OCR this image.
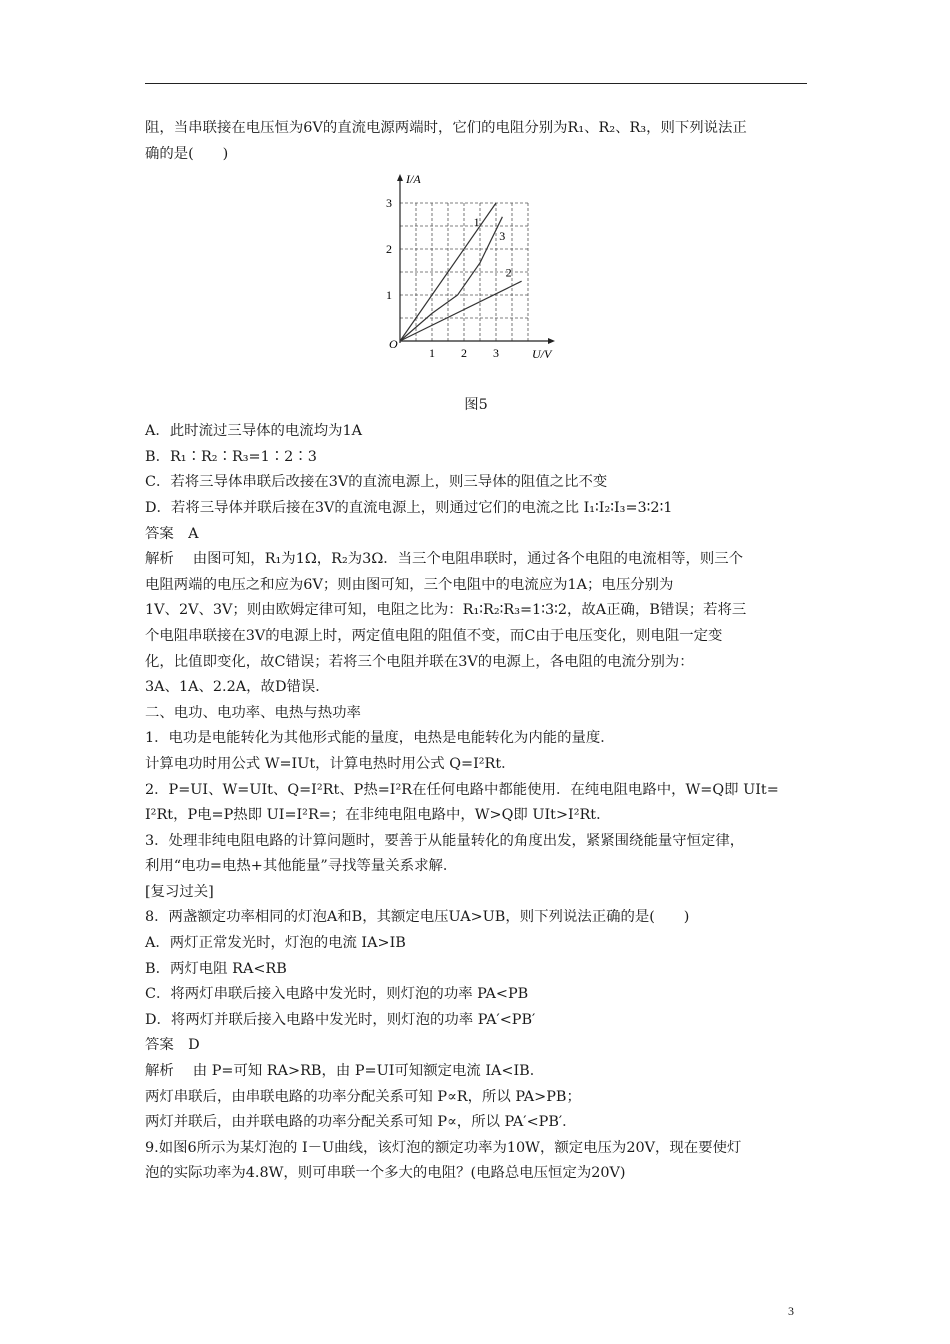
阻，当串联接在电压恒为6V的直流电源两端时，它们的电阻分别为R₁、R₂、R₃，则下列说法正
确的是(　　)
I/A
U/V
O
1 2 3
1
2
3
1
3
2
图5
A．此时流过三导体的电流均为1A
B．R₁∶R₂∶R₃=1∶2∶3
C．若将三导体串联后改接在3V的直流电源上，则三导体的阻值之比不变
D．若将三导体并联后接在3V的直流电源上，则通过它们的电流之比 I₁∶I₂∶I₃=3∶2∶1
答案　A
解析　 由图可知，R₁为1Ω，R₂为3Ω．当三个电阻串联时，通过各个电阻的电流相等，则三个
电阻两端的电压之和应为6V；则由图可知，三个电阻中的电流应为1A；电压分别为
1V、2V、3V；则由欧姆定律可知，电阻之比为：R₁∶R₂∶R₃=1∶3∶2，故A正确，B错误；若将三
个电阻串联接在3V的电源上时，两定值电阻的阻值不变，而C由于电压变化，则电阻一定变
化，比值即变化，故C错误；若将三个电阻并联在3V的电源上，各电阻的电流分别为：
3A、1A、2.2A，故D错误．
二、电功、电功率、电热与热功率
1．电功是电能转化为其他形式能的量度，电热是电能转化为内能的量度．
计算电功时用公式 W=IUt，计算电热时用公式 Q=I²Rt．
2．P=UI、W=UIt、Q=I²Rt、P热=I²R在任何电路中都能使用．在纯电阻电路中，W=Q即 UIt=
I²Rt，P电=P热即 UI=I²R=；在非纯电阻电路中，W>Q即 UIt>I²Rt．
3．处理非纯电阻电路的计算问题时，要善于从能量转化的角度出发，紧紧围绕能量守恒定律，
利用“电功=电热+其他能量”寻找等量关系求解．
[复习过关]
8．两盏额定功率相同的灯泡A和B，其额定电压UA>UB，则下列说法正确的是(　　)
A．两灯正常发光时，灯泡的电流 IA>IB
B．两灯电阻 RA<RB
C．将两灯串联后接入电路中发光时，则灯泡的功率 PA<PB
D．将两灯并联后接入电路中发光时，则灯泡的功率 PA′<PB′
答案　D
解析　 由 P=可知 RA>RB，由 P=UI可知额定电流 IA<IB．
两灯串联后，由串联电路的功率分配关系可知 P∝R，所以 PA>PB；
两灯并联后，由并联电路的功率分配关系可知 P∝，所以 PA′<PB′．
9.如图6所示为某灯泡的 I－U曲线，该灯泡的额定功率为10W，额定电压为20V，现在要使灯
泡的实际功率为4.8W，则可串联一个多大的电阻？(电路总电压恒定为20V)
3
